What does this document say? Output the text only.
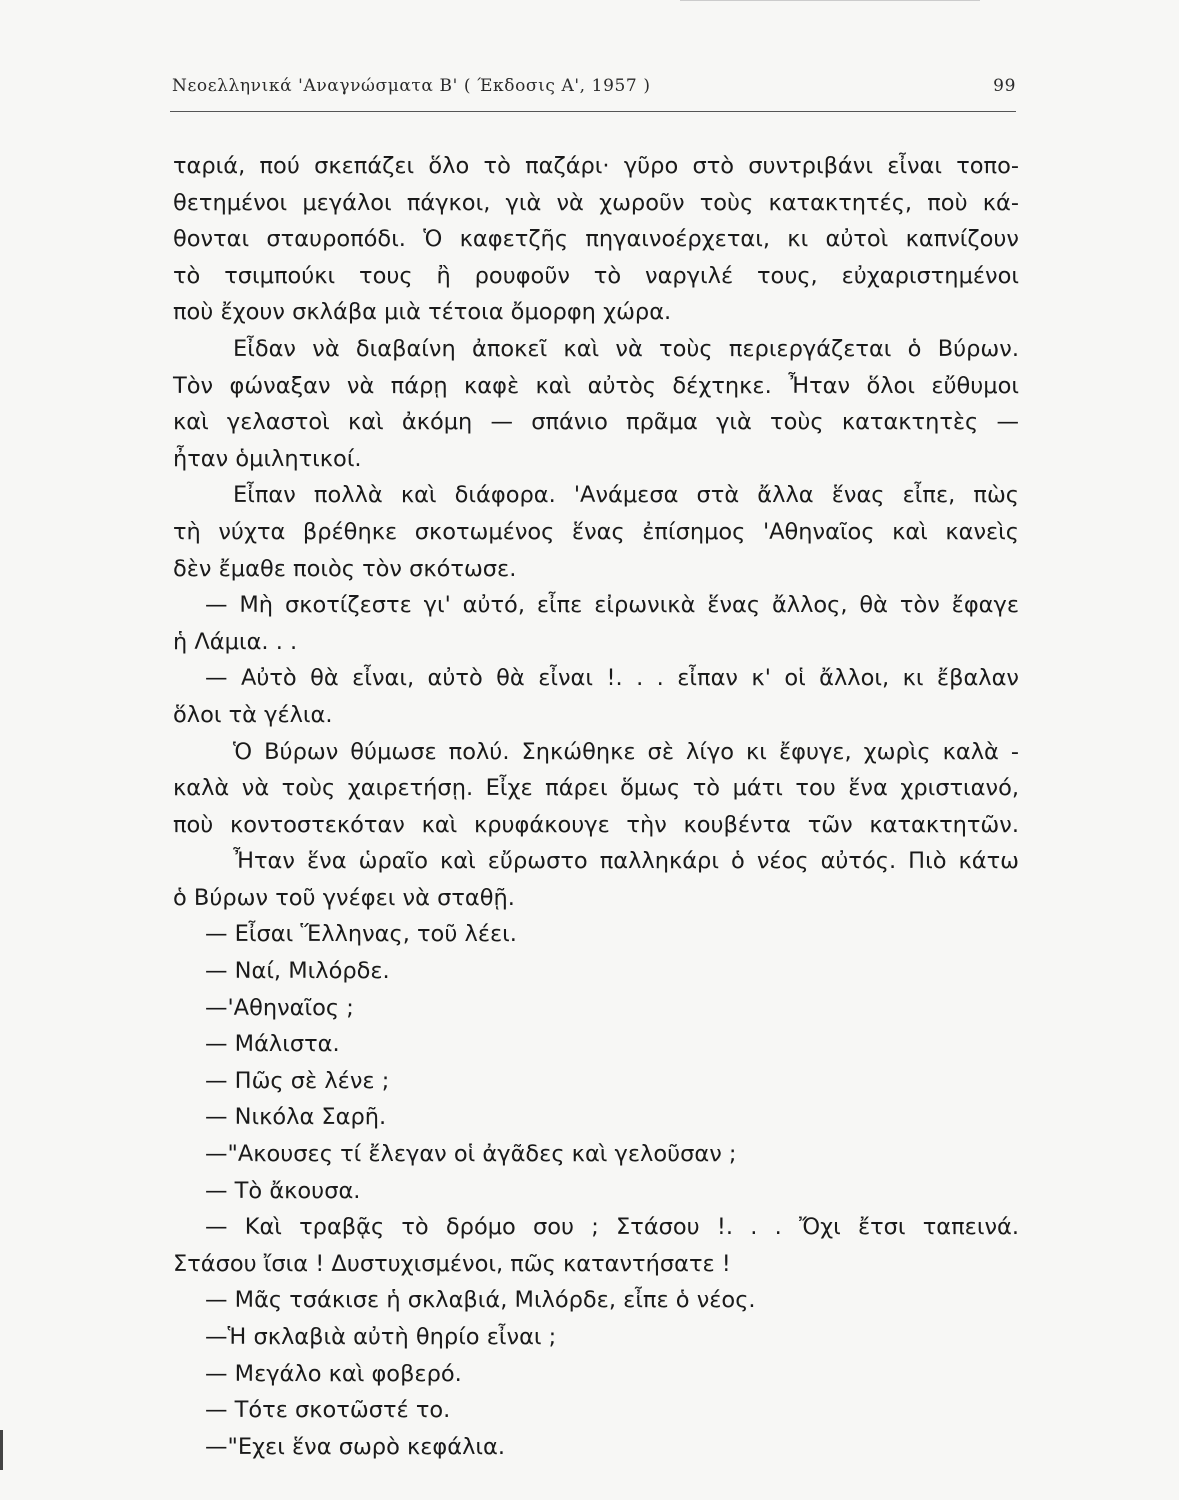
Νεοελληνικά 'Αναγνώσματα Β' ( Έκδοσις Α', 1957 )	99
ταριά, πού σκεπάζει ὅλο τὸ παζάρι· γῦρο στὸ συντριβάνι εἶναι τοπο-
θετημένοι μεγάλοι πάγκοι, γιὰ νὰ χωροῦν τοὺς κατακτητές, ποὺ κά-
θονται σταυροπόδι. Ὁ καφετζῆς πηγαινοέρχεται, κι αὐτοὶ καπνίζουν
τὸ τσιμπούκι τους ἢ ρουφοῦν τὸ ναργιλέ τους, εὐχαριστημένοι
ποὺ ἔχουν σκλάβα μιὰ τέτοια ὄμορφη χώρα.
Εἶδαν νὰ διαβαίνη ἀποκεῖ καὶ νὰ τοὺς περιεργάζεται ὁ Βύρων.
Τὸν φώναξαν νὰ πάρῃ καφὲ καὶ αὐτὸς δέχτηκε. Ἦταν ὅλοι εὔθυμοι
καὶ γελαστοὶ καὶ ἀκόμη — σπάνιο πρᾶμα γιὰ τοὺς κατακτητὲς —
ἦταν ὁμιλητικοί.
Εἶπαν πολλὰ καὶ διάφορα. 'Ανάμεσα στὰ ἄλλα ἕνας εἶπε, πὼς
τὴ νύχτα βρέθηκε σκοτωμένος ἕνας ἐπίσημος 'Αθηναῖος καὶ κανεὶς
δὲν ἔμαθε ποιὸς τὸν σκότωσε.
— Μὴ σκοτίζεστε γι' αὐτό, εἶπε εἰρωνικὰ ἕνας ἄλλος, θὰ τὸν ἔφαγε
ἡ Λάμια. . .
— Αὐτὸ θὰ εἶναι, αὐτὸ θὰ εἶναι !. . . εἶπαν κ' οἱ ἄλλοι, κι ἔβαλαν
ὅλοι τὰ γέλια.
Ὁ Βύρων θύμωσε πολύ. Σηκώθηκε σὲ λίγο κι ἔφυγε, χωρὶς καλὰ -
καλὰ νὰ τοὺς χαιρετήσῃ. Εἶχε πάρει ὅμως τὸ μάτι του ἕνα χριστιανό,
ποὺ κοντοστεκόταν καὶ κρυφάκουγε τὴν κουβέντα τῶν κατακτητῶν.
Ἦταν ἕνα ὡραῖο καὶ εὔρωστο παλληκάρι ὁ νέος αὐτός. Πιὸ κάτω
ὁ Βύρων τοῦ γνέφει νὰ σταθῇ.
— Εἶσαι Ἕλληνας, τοῦ λέει.
— Ναί, Μιλόρδε.
—'Αθηναῖος ;
— Μάλιστα.
— Πῶς σὲ λένε ;
— Νικόλα Σαρῆ.
—"Ακουσες τί ἔλεγαν οἱ ἀγᾶδες καὶ γελοῦσαν ;
— Τὸ ἄκουσα.
— Καὶ τραβᾷς τὸ δρόμο σου ; Στάσου !. . . Ὄχι ἔτσι ταπεινά.
Στάσου ἴσια ! Δυστυχισμένοι, πῶς καταντήσατε !
— Μᾶς τσάκισε ἡ σκλαβιά, Μιλόρδε, εἶπε ὁ νέος.
—Ἡ σκλαβιὰ αὐτὴ θηρίο εἶναι ;
— Μεγάλο καὶ φοβερό.
— Τότε σκοτῶστέ το.
—"Εχει ἕνα σωρὸ κεφάλια.
